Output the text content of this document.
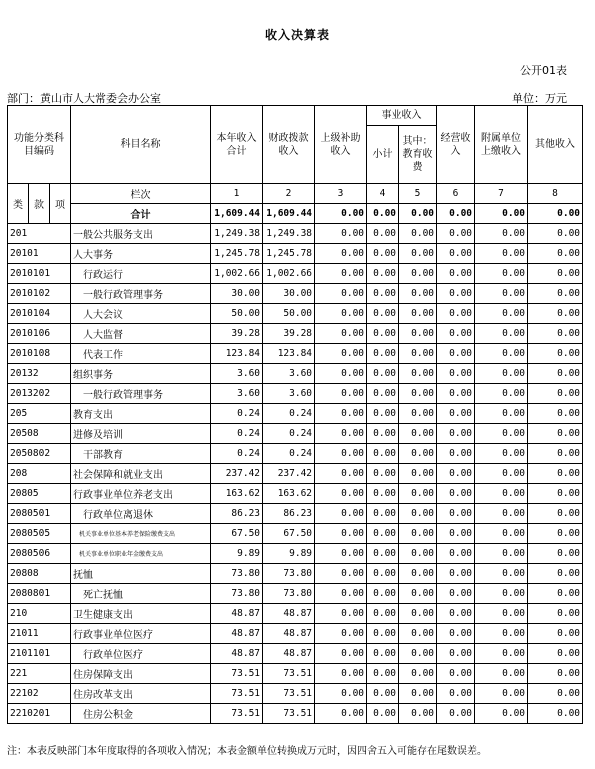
收入决算表
公开01表
部门：黄山市人大常委会办公室	单位：万元
功能分类科目编码			科目名称	本年收入合计	财政拨款收入	上级补助收入	事业收入		经营收入	附属单位上缴收入	其他收入
							小计	其中：教育收费			
类	款	项	栏次	1	2	3	4	5	6	7	8
			合计	1,609.44	1,609.44	0.00	0.00	0.00	0.00	0.00	0.00
201			一般公共服务支出	1,249.38	1,249.38	0.00	0.00	0.00	0.00	0.00	0.00
20101			人大事务	1,245.78	1,245.78	0.00	0.00	0.00	0.00	0.00	0.00
2010101			　行政运行	1,002.66	1,002.66	0.00	0.00	0.00	0.00	0.00	0.00
2010102			　一般行政管理事务	30.00	30.00	0.00	0.00	0.00	0.00	0.00	0.00
2010104			　人大会议	50.00	50.00	0.00	0.00	0.00	0.00	0.00	0.00
2010106			　人大监督	39.28	39.28	0.00	0.00	0.00	0.00	0.00	0.00
2010108			　代表工作	123.84	123.84	0.00	0.00	0.00	0.00	0.00	0.00
20132			组织事务	3.60	3.60	0.00	0.00	0.00	0.00	0.00	0.00
2013202			　一般行政管理事务	3.60	3.60	0.00	0.00	0.00	0.00	0.00	0.00
205			教育支出	0.24	0.24	0.00	0.00	0.00	0.00	0.00	0.00
20508			进修及培训	0.24	0.24	0.00	0.00	0.00	0.00	0.00	0.00
2050802			　干部教育	0.24	0.24	0.00	0.00	0.00	0.00	0.00	0.00
208			社会保障和就业支出	237.42	237.42	0.00	0.00	0.00	0.00	0.00	0.00
20805			行政事业单位养老支出	163.62	163.62	0.00	0.00	0.00	0.00	0.00	0.00
2080501			　行政单位离退休	86.23	86.23	0.00	0.00	0.00	0.00	0.00	0.00
2080505			　机关事业单位基本养老保险缴费支出	67.50	67.50	0.00	0.00	0.00	0.00	0.00	0.00
2080506			　机关事业单位职业年金缴费支出	9.89	9.89	0.00	0.00	0.00	0.00	0.00	0.00
20808			抚恤	73.80	73.80	0.00	0.00	0.00	0.00	0.00	0.00
2080801			　死亡抚恤	73.80	73.80	0.00	0.00	0.00	0.00	0.00	0.00
210			卫生健康支出	48.87	48.87	0.00	0.00	0.00	0.00	0.00	0.00
21011			行政事业单位医疗	48.87	48.87	0.00	0.00	0.00	0.00	0.00	0.00
2101101			　行政单位医疗	48.87	48.87	0.00	0.00	0.00	0.00	0.00	0.00
221			住房保障支出	73.51	73.51	0.00	0.00	0.00	0.00	0.00	0.00
22102			住房改革支出	73.51	73.51	0.00	0.00	0.00	0.00	0.00	0.00
2210201			　住房公积金	73.51	73.51	0.00	0.00	0.00	0.00	0.00	0.00
注：本表反映部门本年度取得的各项收入情况；本表金额单位转换成万元时，因四舍五入可能存在尾数误差。
